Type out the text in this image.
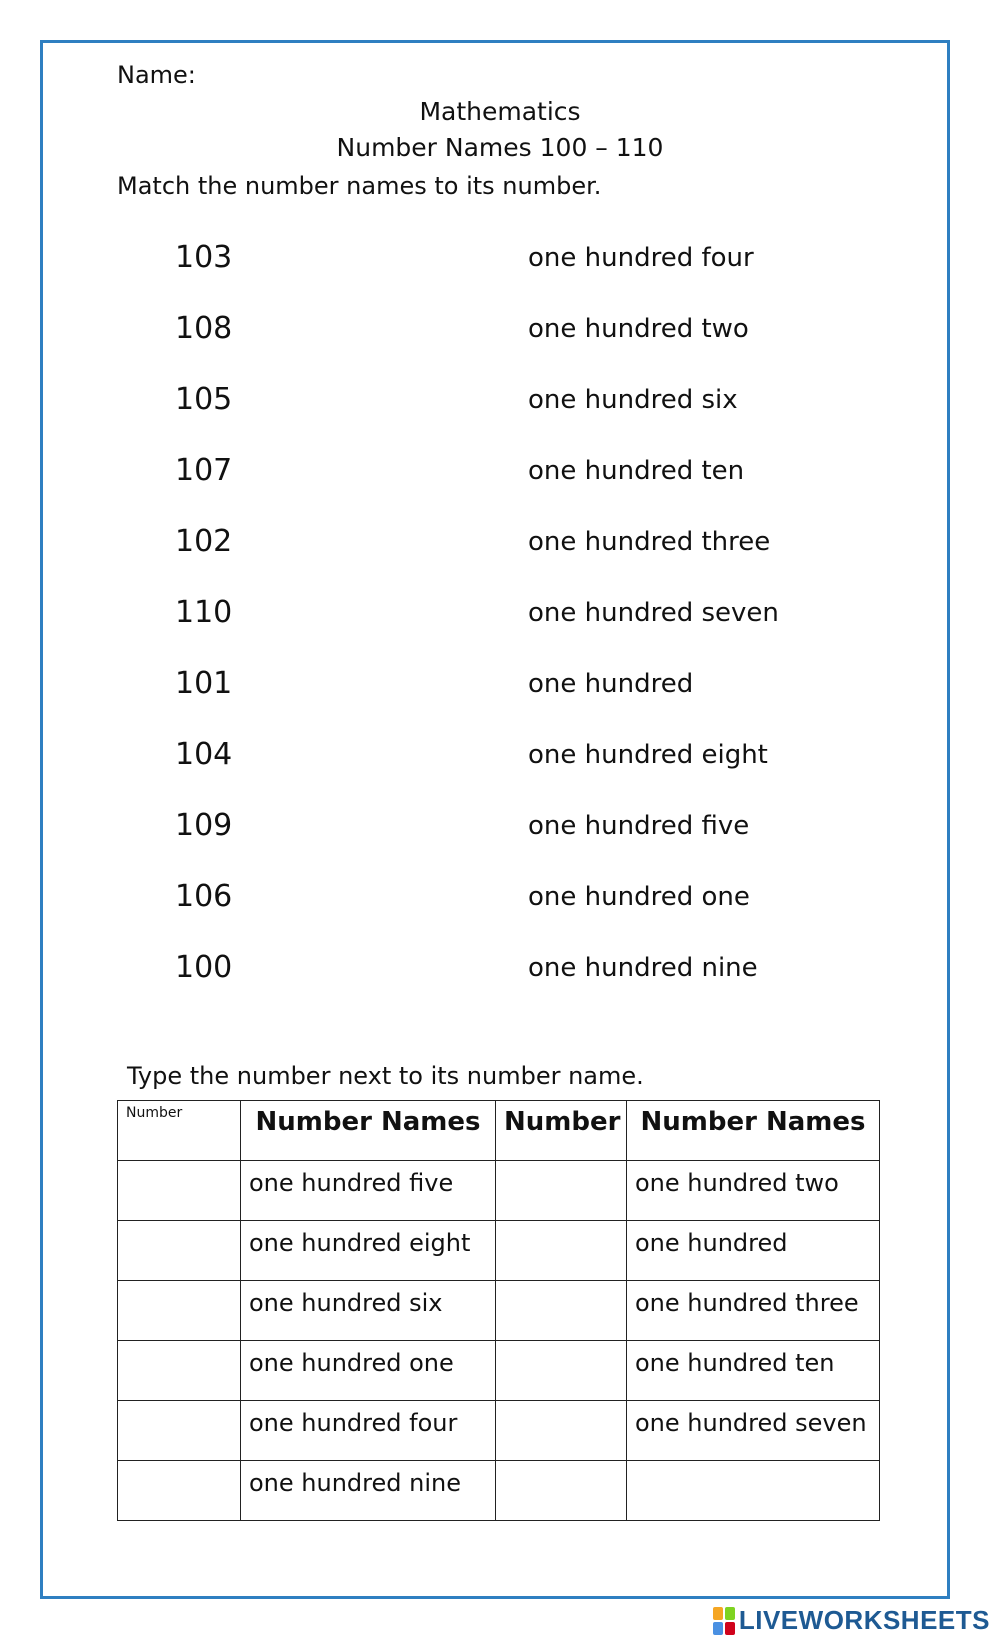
Name:
Mathematics
Number Names 100 – 110
Match the number names to its number.
103	one hundred four
108	one hundred two
105	one hundred six
107	one hundred ten
102	one hundred three
110	one hundred seven
101	one hundred
104	one hundred eight
109	one hundred five
106	one hundred one
100	one hundred nine
Type the number next to its number name.
Number	Number Names	Number	Number Names
	one hundred five		one hundred two
	one hundred eight		one hundred
	one hundred six		one hundred three
	one hundred one		one hundred ten
	one hundred four		one hundred seven
	one hundred nine		
LIVEWORKSHEETS
